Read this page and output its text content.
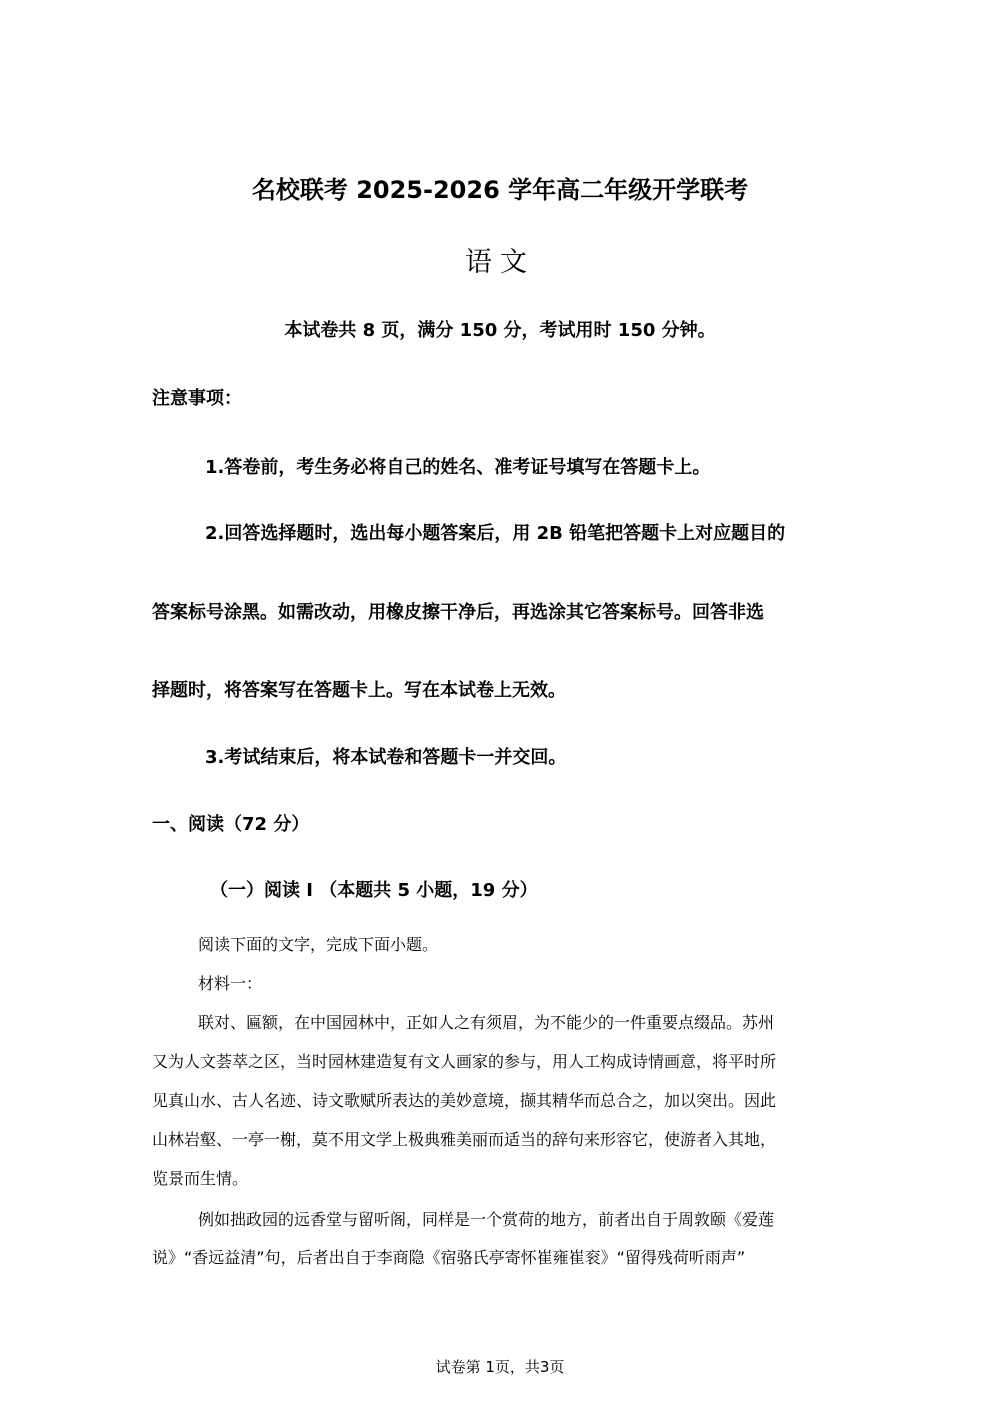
名校联考 2025-2026 学年高二年级开学联考
语文
本试卷共 8 页，满分 150 分，考试用时 150 分钟。
注意事项：
1.答卷前，考生务必将自己的姓名、准考证号填写在答题卡上。
2.回答选择题时，选出每小题答案后，用 2B 铅笔把答题卡上对应题目的
答案标号涂黑。如需改动，用橡皮擦干净后，再选涂其它答案标号。回答非选
择题时，将答案写在答题卡上。写在本试卷上无效。
3.考试结束后，将本试卷和答题卡一并交回。
一、阅读（72 分）
（一）阅读 I （本题共 5 小题，19 分）
阅读下面的文字，完成下面小题。
材料一：
联对、匾额，在中国园林中，正如人之有须眉，为不能少的一件重要点缀品。苏州
又为人文荟萃之区，当时园林建造复有文人画家的参与，用人工构成诗情画意，将平时所
见真山水、古人名迹、诗文歌赋所表达的美妙意境，撷其精华而总合之，加以突出。因此
山林岩壑、一亭一榭，莫不用文学上极典雅美丽而适当的辞句来形容它，使游者入其地，
览景而生情。
例如拙政园的远香堂与留听阁，同样是一个赏荷的地方，前者出自于周敦颐《爱莲
说》“香远益清”句，后者出自于李商隐《宿骆氏亭寄怀崔雍崔衮》“留得残荷听雨声”
试卷第 1页，共3页
